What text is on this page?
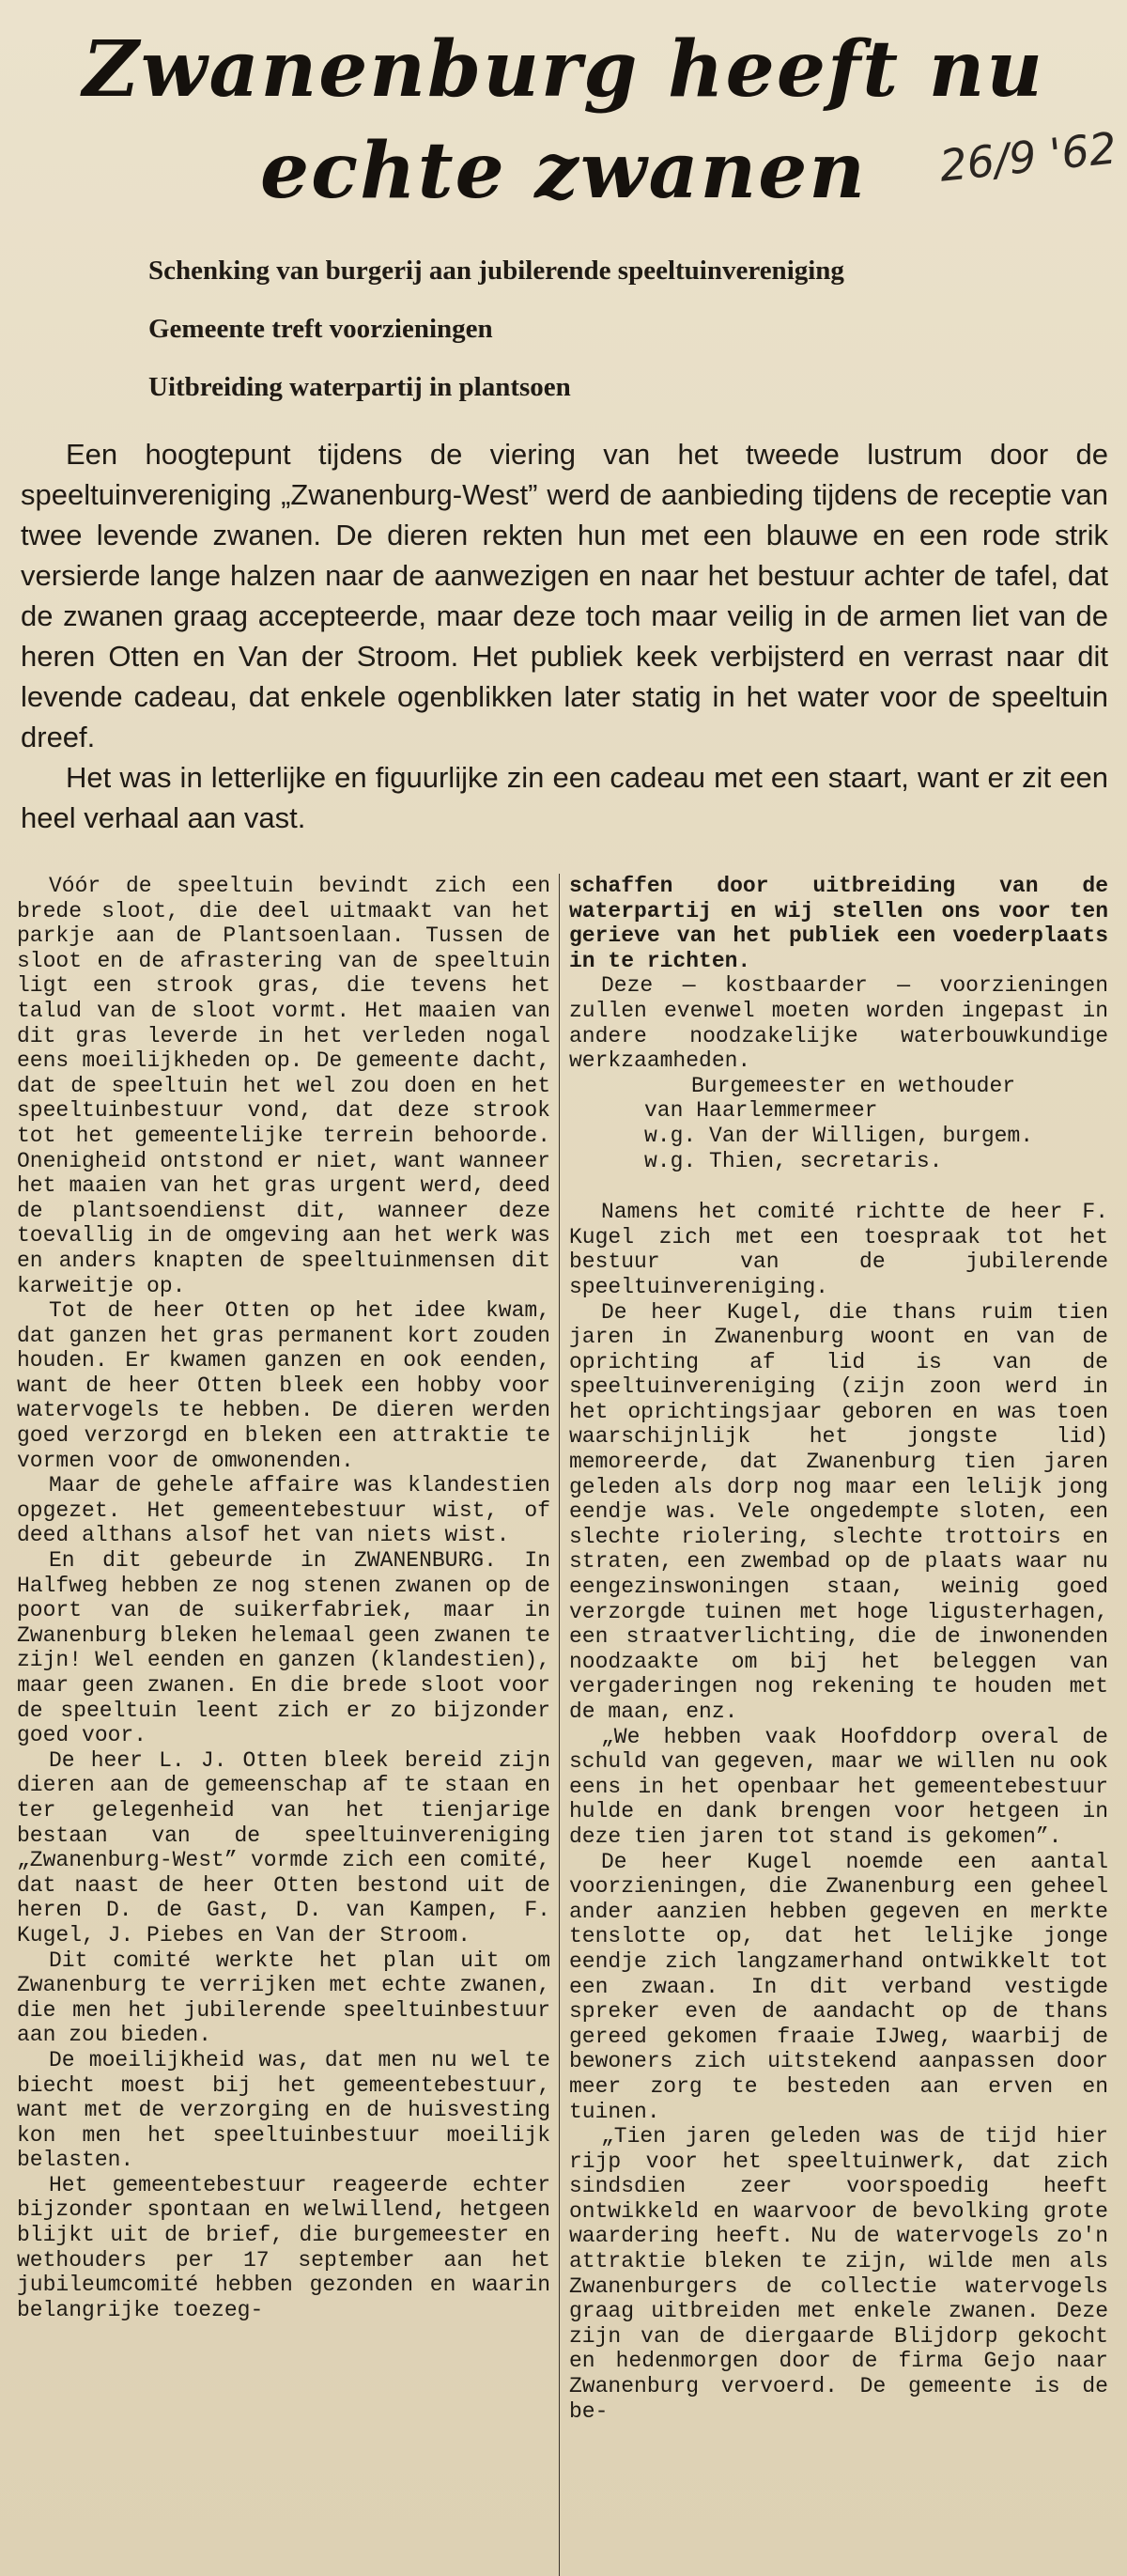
Zwanenburg heeft nu
echte zwanen	26/9 '62
Schenking van burgerij aan jubilerende speeltuinvereniging
Gemeente treft voorzieningen
Uitbreiding waterpartij in plantsoen

Een hoogtepunt tijdens de viering van het tweede lustrum door de speeltuinvereniging „Zwanenburg-West” werd de aanbieding tijdens de receptie van twee levende zwanen. De dieren rekten hun met een blauwe en een rode strik versierde lange halzen naar de aanwezigen en naar het bestuur achter de tafel, dat de zwanen graag accepteerde, maar deze toch maar veilig in de armen liet van de heren Otten en Van der Stroom. Het publiek keek verbijsterd en verrast naar dit levende cadeau, dat enkele ogenblikken later statig in het water voor de speeltuin dreef.

Het was in letterlijke en figuurlijke zin een cadeau met een staart, want er zit een heel verhaal aan vast.

Vóór de speeltuin bevindt zich een brede sloot, die deel uitmaakt van het parkje aan de Plantsoenlaan. Tussen de sloot en de afrastering van de speeltuin ligt een strook gras, die tevens het talud van de sloot vormt. Het maaien van dit gras leverde in het verleden nogal eens moeilijkheden op. De gemeente dacht, dat de speeltuin het wel zou doen en het speeltuinbestuur vond, dat deze strook tot het gemeentelijke terrein behoorde. Onenigheid ontstond er niet, want wanneer het maaien van het gras urgent werd, deed de plantsoendienst dit, wanneer deze toevallig in de omgeving aan het werk was en anders knapten de speeltuinmensen dit karweitje op.

Tot de heer Otten op het idee kwam, dat ganzen het gras permanent kort zouden houden. Er kwamen ganzen en ook eenden, want de heer Otten bleek een hobby voor watervogels te hebben. De dieren werden goed verzorgd en bleken een attraktie te vormen voor de omwonenden.

Maar de gehele affaire was klandestien opgezet. Het gemeentebestuur wist, of deed althans alsof het van niets wist.

En dit gebeurde in ZWANENBURG. In Halfweg hebben ze nog stenen zwanen op de poort van de suikerfabriek, maar in Zwanenburg bleken helemaal geen zwanen te zijn! Wel eenden en ganzen (klandestien), maar geen zwanen. En die brede sloot voor de speeltuin leent zich er zo bijzonder goed voor.

De heer L. J. Otten bleek bereid zijn dieren aan de gemeenschap af te staan en ter gelegenheid van het tienjarige bestaan van de speeltuinvereniging „Zwanenburg-West” vormde zich een comité, dat naast de heer Otten bestond uit de heren D. de Gast, D. van Kampen, F. Kugel, J. Piebes en Van der Stroom.

Dit comité werkte het plan uit om Zwanenburg te verrijken met echte zwanen, die men het jubilerende speeltuinbestuur aan zou bieden.

De moeilijkheid was, dat men nu wel te biecht moest bij het gemeentebestuur, want met de verzorging en de huisvesting kon men het speeltuinbestuur moeilijk belasten.

Het gemeentebestuur reageerde echter bijzonder spontaan en welwillend, hetgeen blijkt uit de brief, die burgemeester en wethouders per 17 september aan het jubileumcomité hebben gezonden en waarin belangrijke toezeg-

schaffen door uitbreiding van de waterpartij en wij stellen ons voor ten gerieve van het publiek een voederplaats in te richten.

Deze — kostbaarder — voorzieningen zullen evenwel moeten worden ingepast in andere noodzakelijke waterbouwkundige werkzaamheden.

Burgemeester en wethouder

van Haarlemmermeer

w.g. Van der Willigen, burgem.

w.g. Thien, secretaris.

Namens het comité richtte de heer F. Kugel zich met een toespraak tot het bestuur van de jubilerende speeltuinvereniging.

De heer Kugel, die thans ruim tien jaren in Zwanenburg woont en van de oprichting af lid is van de speeltuinvereniging (zijn zoon werd in het oprichtingsjaar geboren en was toen waarschijnlijk het jongste lid) memoreerde, dat Zwanenburg tien jaren geleden als dorp nog maar een lelijk jong eendje was. Vele ongedempte sloten, een slechte riolering, slechte trottoirs en straten, een zwembad op de plaats waar nu eengezinswoningen staan, weinig goed verzorgde tuinen met hoge ligusterhagen, een straatverlichting, die de inwonenden noodzaakte om bij het beleggen van vergaderingen nog rekening te houden met de maan, enz.

„We hebben vaak Hoofddorp overal de schuld van gegeven, maar we willen nu ook eens in het openbaar het gemeentebestuur hulde en dank brengen voor hetgeen in deze tien jaren tot stand is gekomen”.

De heer Kugel noemde een aantal voorzieningen, die Zwanenburg een geheel ander aanzien hebben gegeven en merkte tenslotte op, dat het lelijke jonge eendje zich langzamerhand ontwikkelt tot een zwaan. In dit verband vestigde spreker even de aandacht op de thans gereed gekomen fraaie IJweg, waarbij de bewoners zich uitstekend aanpassen door meer zorg te besteden aan erven en tuinen.

„Tien jaren geleden was de tijd hier rijp voor het speeltuinwerk, dat zich sindsdien zeer voorspoedig heeft ontwikkeld en waarvoor de bevolking grote waardering heeft. Nu de watervogels zo'n attraktie bleken te zijn, wilde men als Zwanenburgers de collectie watervogels graag uitbreiden met enkele zwanen. Deze zijn van de diergaarde Blijdorp gekocht en hedenmorgen door de firma Gejo naar Zwanenburg vervoerd. De gemeente is de be-
